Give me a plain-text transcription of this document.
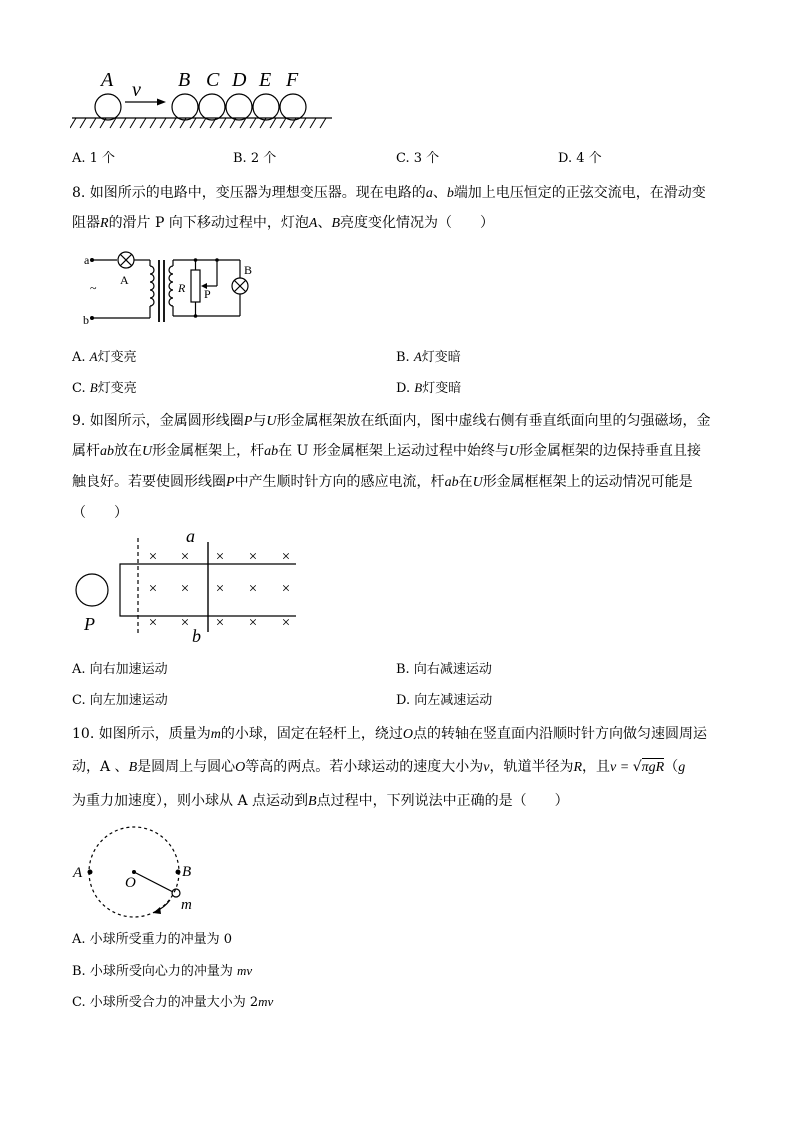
A v B C D E F
A. 1 个	B. 2 个	C. 3 个	D. 4 个
8. 如图所示的电路中，变压器为理想变压器。现在电路的a、b端加上电压恒定的正弦交流电，在滑动变
阻器R的滑片 P 向下移动过程中，灯泡A、B亮度变化情况为（　　）
a
~
b
A
R P
B
A. A灯变亮	B. A灯变暗
C. B灯变亮	D. B灯变暗
9. 如图所示，金属圆形线圈P与U形金属框架放在纸面内，图中虚线右侧有垂直纸面向里的匀强磁场，金
属杆ab放在U形金属框架上，杆ab在 U 形金属框架上运动过程中始终与U形金属框架的边保持垂直且接
触良好。若要使圆形线圈P中产生顺时针方向的感应电流，杆ab在U形金属框框架上的运动情况可能是
（　　）
× × × × ×
× × × × ×
× × × × ×
a
b
P
A. 向右加速运动	B. 向右减速运动
C. 向左加速运动	D. 向左减速运动
10. 如图所示，质量为m的小球，固定在轻杆上，绕过O点的转轴在竖直面内沿顺时针方向做匀速圆周运
动，A 、B是圆周上与圆心O等高的两点。若小球运动的速度大小为v，轨道半径为R，且v = √πgR（g
为重力加速度），则小球从 A 点运动到B点过程中，下列说法中正确的是（　　）
A
O
B
m
A. 小球所受重力的冲量为 0
B. 小球所受向心力的冲量为 mv
C. 小球所受合力的冲量大小为 2mv
